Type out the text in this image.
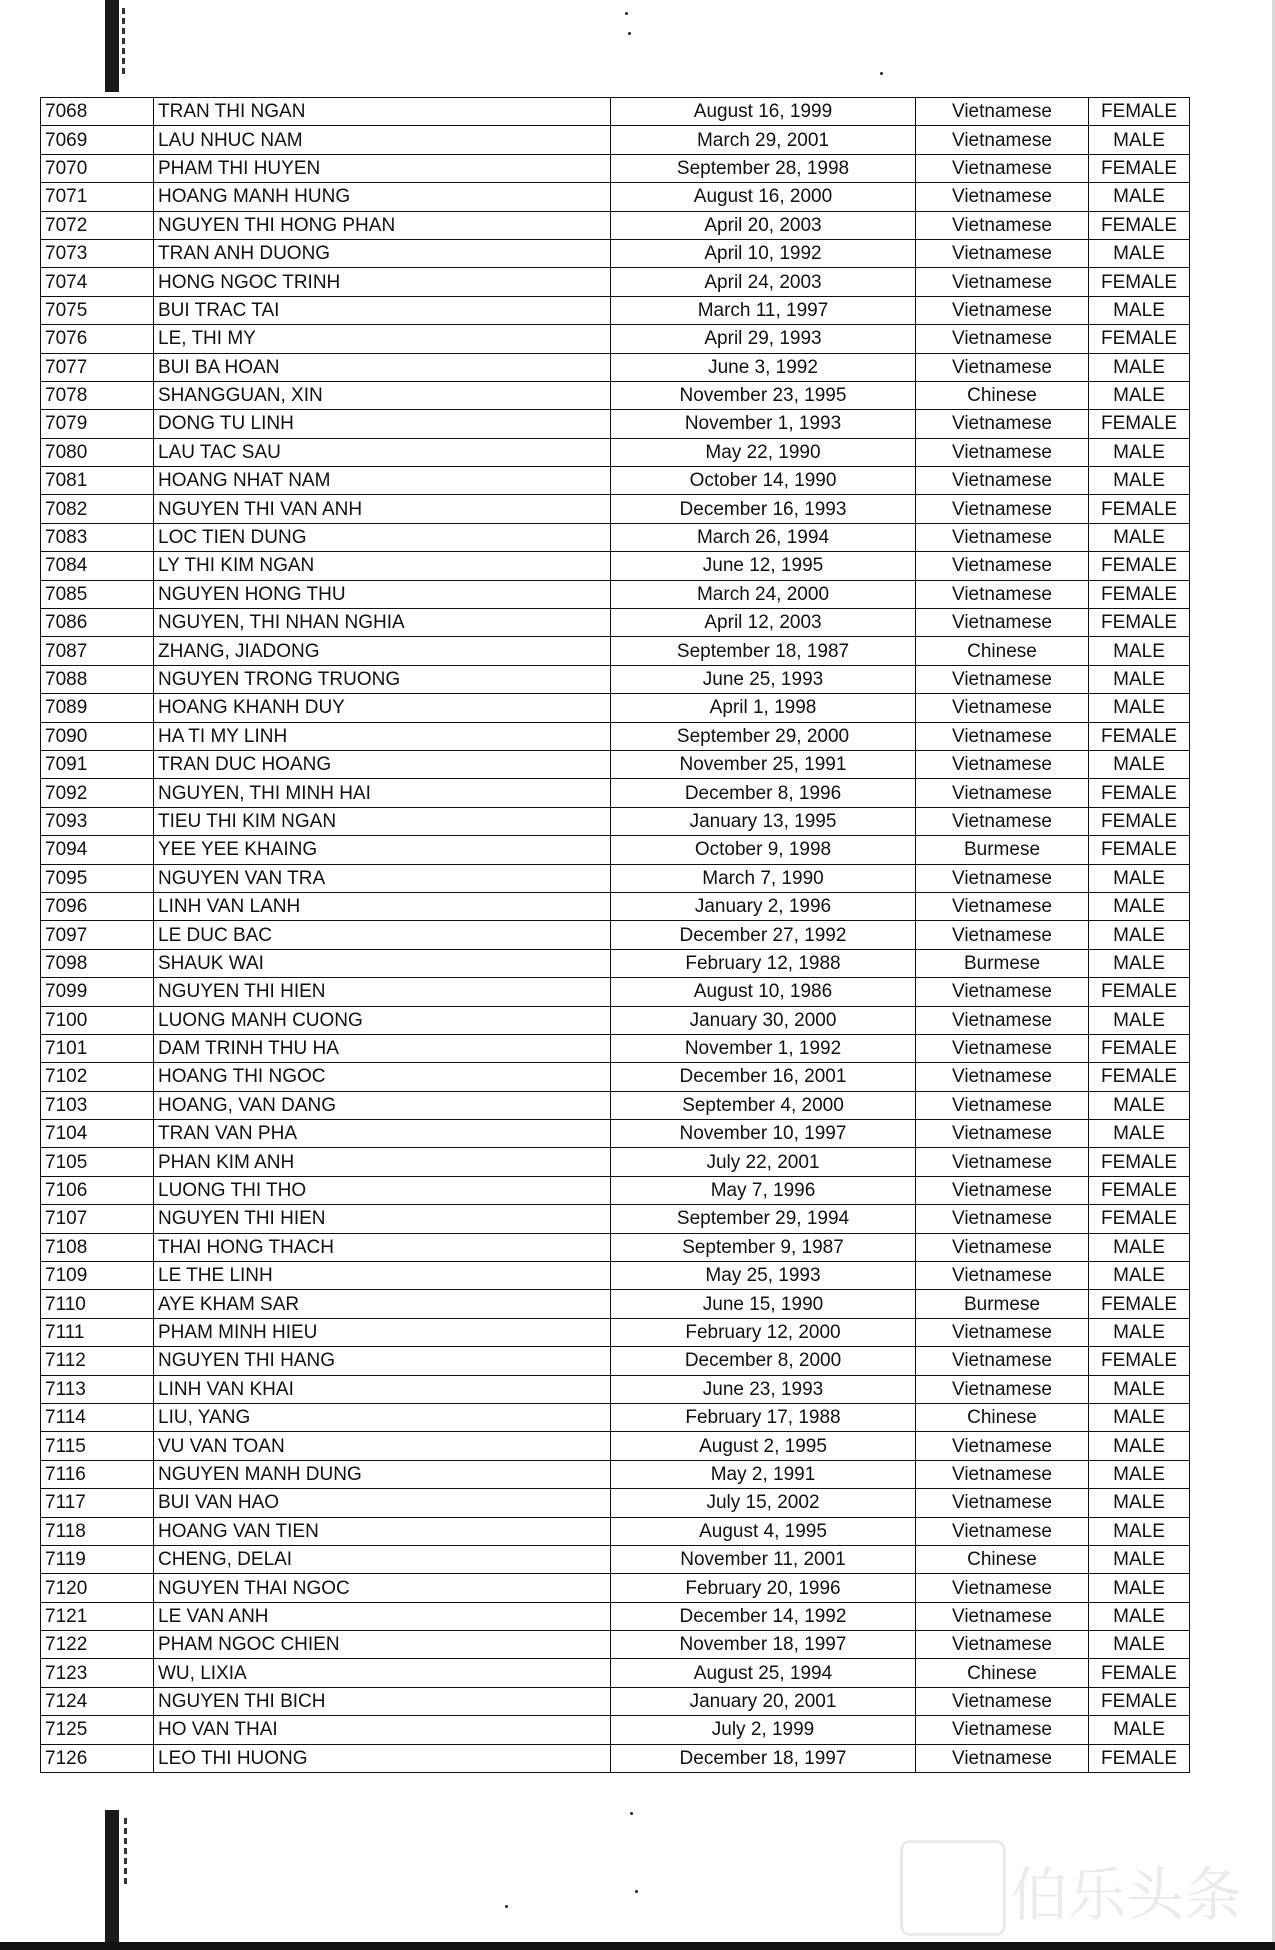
7068	TRAN THI NGAN	August 16, 1999	Vietnamese	FEMALE
7069	LAU NHUC NAM	March 29, 2001	Vietnamese	MALE
7070	PHAM THI HUYEN	September 28, 1998	Vietnamese	FEMALE
7071	HOANG MANH HUNG	August 16, 2000	Vietnamese	MALE
7072	NGUYEN THI HONG PHAN	April 20, 2003	Vietnamese	FEMALE
7073	TRAN ANH DUONG	April 10, 1992	Vietnamese	MALE
7074	HONG NGOC TRINH	April 24, 2003	Vietnamese	FEMALE
7075	BUI TRAC TAI	March 11, 1997	Vietnamese	MALE
7076	LE, THI MY	April 29, 1993	Vietnamese	FEMALE
7077	BUI BA HOAN	June 3, 1992	Vietnamese	MALE
7078	SHANGGUAN, XIN	November 23, 1995	Chinese	MALE
7079	DONG TU LINH	November 1, 1993	Vietnamese	FEMALE
7080	LAU TAC SAU	May 22, 1990	Vietnamese	MALE
7081	HOANG NHAT NAM	October 14, 1990	Vietnamese	MALE
7082	NGUYEN THI VAN ANH	December 16, 1993	Vietnamese	FEMALE
7083	LOC TIEN DUNG	March 26, 1994	Vietnamese	MALE
7084	LY THI KIM NGAN	June 12, 1995	Vietnamese	FEMALE
7085	NGUYEN HONG THU	March 24, 2000	Vietnamese	FEMALE
7086	NGUYEN, THI NHAN NGHIA	April 12, 2003	Vietnamese	FEMALE
7087	ZHANG, JIADONG	September 18, 1987	Chinese	MALE
7088	NGUYEN TRONG TRUONG	June 25, 1993	Vietnamese	MALE
7089	HOANG KHANH DUY	April 1, 1998	Vietnamese	MALE
7090	HA TI MY LINH	September 29, 2000	Vietnamese	FEMALE
7091	TRAN DUC HOANG	November 25, 1991	Vietnamese	MALE
7092	NGUYEN, THI MINH HAI	December 8, 1996	Vietnamese	FEMALE
7093	TIEU THI KIM NGAN	January 13, 1995	Vietnamese	FEMALE
7094	YEE YEE KHAING	October 9, 1998	Burmese	FEMALE
7095	NGUYEN VAN TRA	March 7, 1990	Vietnamese	MALE
7096	LINH VAN LANH	January 2, 1996	Vietnamese	MALE
7097	LE DUC BAC	December 27, 1992	Vietnamese	MALE
7098	SHAUK WAI	February 12, 1988	Burmese	MALE
7099	NGUYEN THI HIEN	August 10, 1986	Vietnamese	FEMALE
7100	LUONG MANH CUONG	January 30, 2000	Vietnamese	MALE
7101	DAM TRINH THU HA	November 1, 1992	Vietnamese	FEMALE
7102	HOANG THI NGOC	December 16, 2001	Vietnamese	FEMALE
7103	HOANG, VAN DANG	September 4, 2000	Vietnamese	MALE
7104	TRAN VAN PHA	November 10, 1997	Vietnamese	MALE
7105	PHAN KIM ANH	July 22, 2001	Vietnamese	FEMALE
7106	LUONG THI THO	May 7, 1996	Vietnamese	FEMALE
7107	NGUYEN THI HIEN	September 29, 1994	Vietnamese	FEMALE
7108	THAI HONG THACH	September 9, 1987	Vietnamese	MALE
7109	LE THE LINH	May 25, 1993	Vietnamese	MALE
7110	AYE KHAM SAR	June 15, 1990	Burmese	FEMALE
7111	PHAM MINH HIEU	February 12, 2000	Vietnamese	MALE
7112	NGUYEN THI HANG	December 8, 2000	Vietnamese	FEMALE
7113	LINH VAN KHAI	June 23, 1993	Vietnamese	MALE
7114	LIU, YANG	February 17, 1988	Chinese	MALE
7115	VU VAN TOAN	August 2, 1995	Vietnamese	MALE
7116	NGUYEN MANH DUNG	May 2, 1991	Vietnamese	MALE
7117	BUI VAN HAO	July 15, 2002	Vietnamese	MALE
7118	HOANG VAN TIEN	August 4, 1995	Vietnamese	MALE
7119	CHENG, DELAI	November 11, 2001	Chinese	MALE
7120	NGUYEN THAI NGOC	February 20, 1996	Vietnamese	MALE
7121	LE VAN ANH	December 14, 1992	Vietnamese	MALE
7122	PHAM NGOC CHIEN	November 18, 1997	Vietnamese	MALE
7123	WU, LIXIA	August 25, 1994	Chinese	FEMALE
7124	NGUYEN THI BICH	January 20, 2001	Vietnamese	FEMALE
7125	HO VAN THAI	July 2, 1999	Vietnamese	MALE
7126	LEO THI HUONG	December 18, 1997	Vietnamese	FEMALE
伯乐头条
